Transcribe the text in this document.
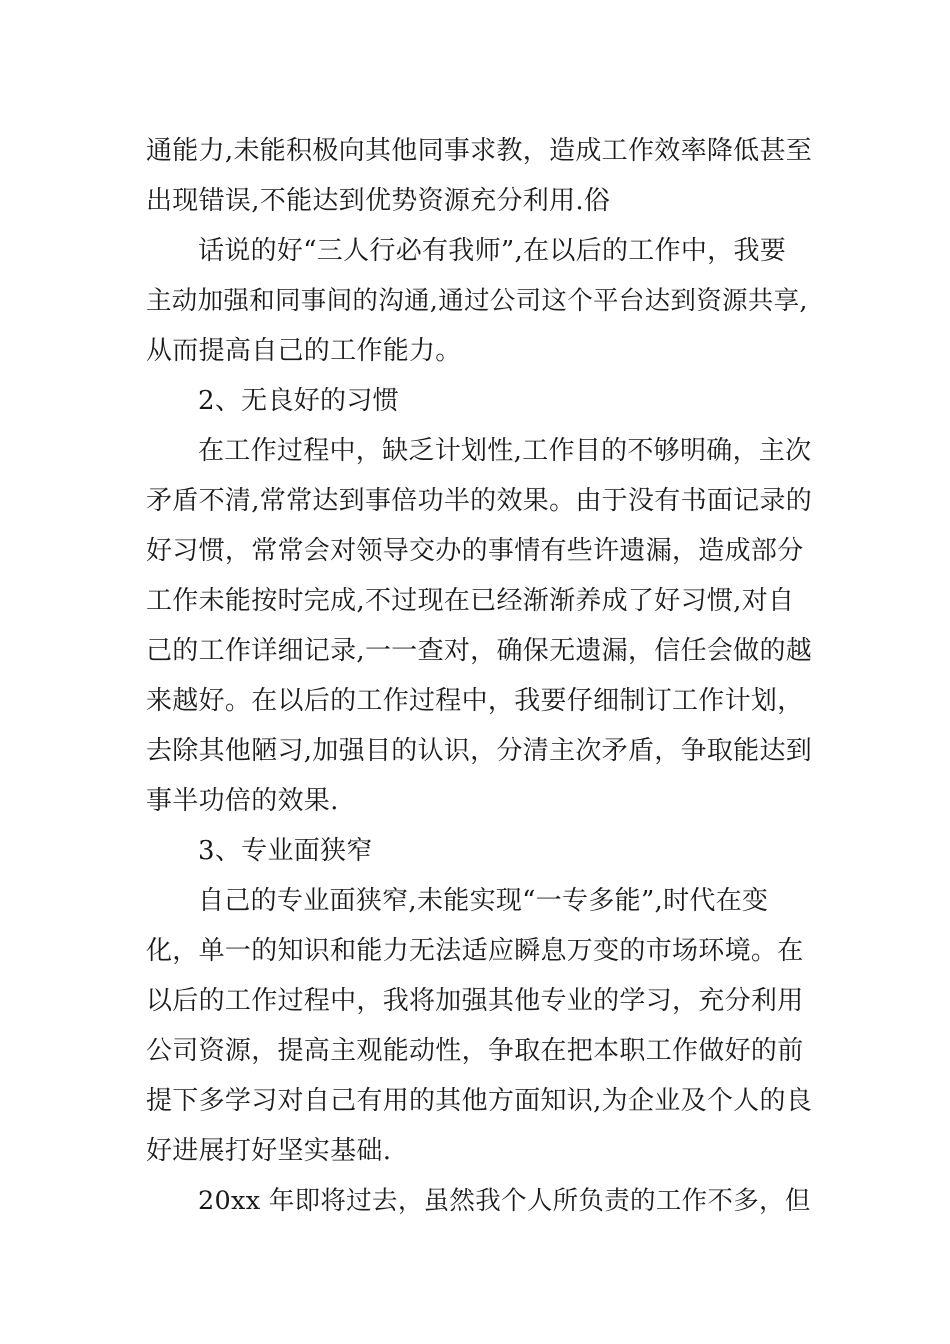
通能力,未能积极向其他同事求教，造成工作效率降低甚至
出现错误,不能达到优势资源充分利用.俗
话说的好“三人行必有我师”,在以后的工作中，我要
主动加强和同事间的沟通,通过公司这个平台达到资源共享,
从而提高自己的工作能力。
2、无良好的习惯
在工作过程中，缺乏计划性,工作目的不够明确，主次
矛盾不清,常常达到事倍功半的效果。由于没有书面记录的
好习惯，常常会对领导交办的事情有些许遗漏，造成部分
工作未能按时完成,不过现在已经渐渐养成了好习惯,对自
己的工作详细记录,一一查对，确保无遗漏，信任会做的越
来越好。在以后的工作过程中，我要仔细制订工作计划，
去除其他陋习,加强目的认识，分清主次矛盾，争取能达到
事半功倍的效果.
3、专业面狭窄
自己的专业面狭窄,未能实现“一专多能”,时代在变
化，单一的知识和能力无法适应瞬息万变的市场环境。在
以后的工作过程中，我将加强其他专业的学习，充分利用
公司资源，提高主观能动性，争取在把本职工作做好的前
提下多学习对自己有用的其他方面知识,为企业及个人的良
好进展打好坚实基础.
20xx 年即将过去，虽然我个人所负责的工作不多，但
